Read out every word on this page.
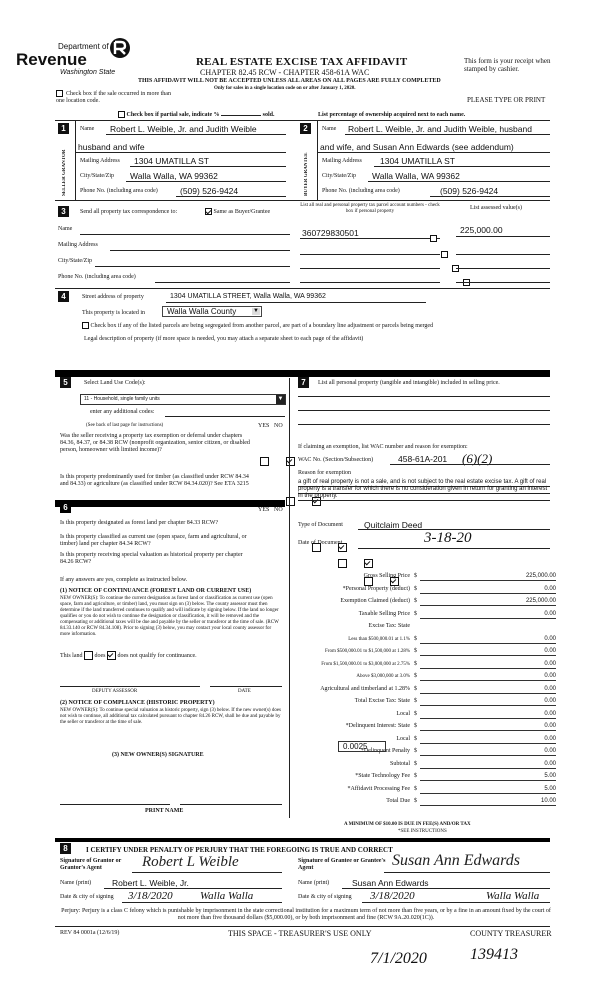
Department of
Revenue
Washington State
REAL ESTATE EXCISE TAX AFFIDAVIT
CHAPTER 82.45 RCW - CHAPTER 458-61A WAC
THIS AFFIDAVIT WILL NOT BE ACCEPTED UNLESS ALL AREAS ON ALL PAGES ARE FULLY COMPLETED
Only for sales in a single location code on or after January 1, 2020.
This form is your receipt when stamped by cashier.
PLEASE TYPE OR PRINT
Check box if the sale occurred in more than one location code.
Check box if partial sale, indicate %	sold.	List percentage of ownership acquired next to each name.
1
SELLER GRANTOR
Name Robert L. Weible, Jr. and Judith Weible
husband and wife
Mailing Address 1304 UMATILLA ST
City/State/Zip Walla Walla, WA 99362
Phone No. (including area code)	(509) 526-9424
2
BUYER GRANTEE
Name Robert L. Weible, Jr. and Judith Weible, husband
and wife, and Susan Ann Edwards (see addendum)
Mailing Address 1304 UMATILLA ST
City/State/Zip Walla Walla, WA 99362
Phone No. (including area code)	(509) 526-9424
3	Send all property tax correspondence to:	Same as Buyer/Grantee
List all real and personal property tax parcel account numbers - check box if personal property
List assessed value(s)
Name
Mailing Address
City/State/Zip
Phone No. (including area code)
360729830501	225,000.00

4	Street address of property	1304 UMATILLA STREET, Walla Walla, WA 99362
This property is located in	Walla Walla County	▼
Check box if any of the listed parcels are being segregated from another parcel, are part of a boundary line adjustment or parcels being merged
Legal description of property (if more space is needed, you may attach a separate sheet to each page of the affidavit)
5	Select Land Use Code(s):
11 - Household, single family units	▼
enter any additional codes:
(See back of last page for instructions)	YES NO
Was the seller receiving a property tax exemption or deferral under chapters 84.36, 84.37, or 84.38 RCW (nonprofit organization, senior citizen, or disabled person, homeowner with limited income)?

Is this property predominantly used for timber (as classified under RCW 84.34 and 84.33) or agriculture (as classified under RCW 84.34.020)? See ETA 3215

6	YES NO
Is this property designated as forest land per chapter 84.33 RCW?

Is this property classified as current use (open space, farm and agricultural, or timber) land per chapter 84.34 RCW?

Is this property receiving special valuation as historical property per chapter 84.26 RCW?

If any answers are yes, complete as instructed below.
(1) NOTICE OF CONTINUANCE (FOREST LAND OR CURRENT USE)
NEW OWNER(S): To continue the current designation as forest land or classification as current use (open space, farm and agriculture, or timber) land, you must sign on (3) below. The county assessor must then determine if the land transferred continues to qualify and will indicate by signing below. If the land no longer qualifies or you do not wish to continue the designation or classification, it will be removed and the compensating or additional taxes will be due and payable by the seller or transferor at the time of sale. (RCW 84.33.140 or RCW 84.34.108). Prior to signing (3) below, you may contact your local county assessor for more information.
This land does does not qualify for continuance.
DEPUTY ASSESSOR	DATE
(2) NOTICE OF COMPLIANCE (HISTORIC PROPERTY)
NEW OWNER(S): To continue special valuation as historic property, sign (3) below. If the new owner(s) does not wish to continue, all additional tax calculated pursuant to chapter 84.26 RCW, shall be due and payable by the seller or transferor at the time of sale.
(3) NEW OWNER(S) SIGNATURE
PRINT NAME
7	List all personal property (tangible and intangible) included in selling price.
If claiming an exemption, list WAC number and reason for exemption:
WAC No. (Section/Subsection)	458-61A-201 (6)(2)
Reason for exemption
a gift of real property is not a sale, and is not subject to the real estate excise tax. A gift of real property is a transfer for which there is no consideration given in return for granting an interest in the property.
Type of Document Quitclaim Deed
Date of Document	3-18-20
Gross Selling Price $	225,000.00
*Personal Property (deduct) $	0.00
Exemption Claimed (deduct) $	225,000.00
Taxable Selling Price $	0.00
Excise Tax: State
Less than $500,000.01 at 1.1% $	0.00
From $500,000.01 to $1,500,000 at 1.28% $	0.00
From $1,500,000.01 to $3,000,000 at 2.75% $	0.00
Above $3,000,000 at 3.0% $	0.00
Agricultural and timberland at 1.28% $	0.00
Total Excise Tax: State $	0.00
Local $	0.00
*Delinquent Interest: State $	0.00
Local $	0.00
*Delinquent Penalty $	0.00
Subtotal $	0.00
*State Technology Fee $	5.00
*Affidavit Processing Fee $	5.00
Total Due $	10.00
0.0025
A MINIMUM OF $10.00 IS DUE IN FEE(S) AND/OR TAX
*SEE INSTRUCTIONS
8	I CERTIFY UNDER PENALTY OF PERJURY THAT THE FOREGOING IS TRUE AND CORRECT
Signature of Grantor or Grantor's Agent	Robert L Weible	Signature of Grantee or Grantee's Agent	Susan Ann Edwards
Name (print) Robert L. Weible, Jr.	Name (print)	Susan Ann Edwards
Date & city of signing 3/18/2020 Walla Walla	Date & city of signing 3/18/2020	Walla Walla
Perjury: Perjury is a class C felony which is punishable by imprisonment in the state correctional institution for a maximum term of not more than five years, or by a fine in an amount fixed by the court of not more than five thousand dollars ($5,000.00), or by both imprisonment and fine (RCW 9A.20.020(1C)).
REV 84 0001a (12/6/19)	THIS SPACE - TREASURER'S USE ONLY	COUNTY TREASURER
7/1/2020	139413
